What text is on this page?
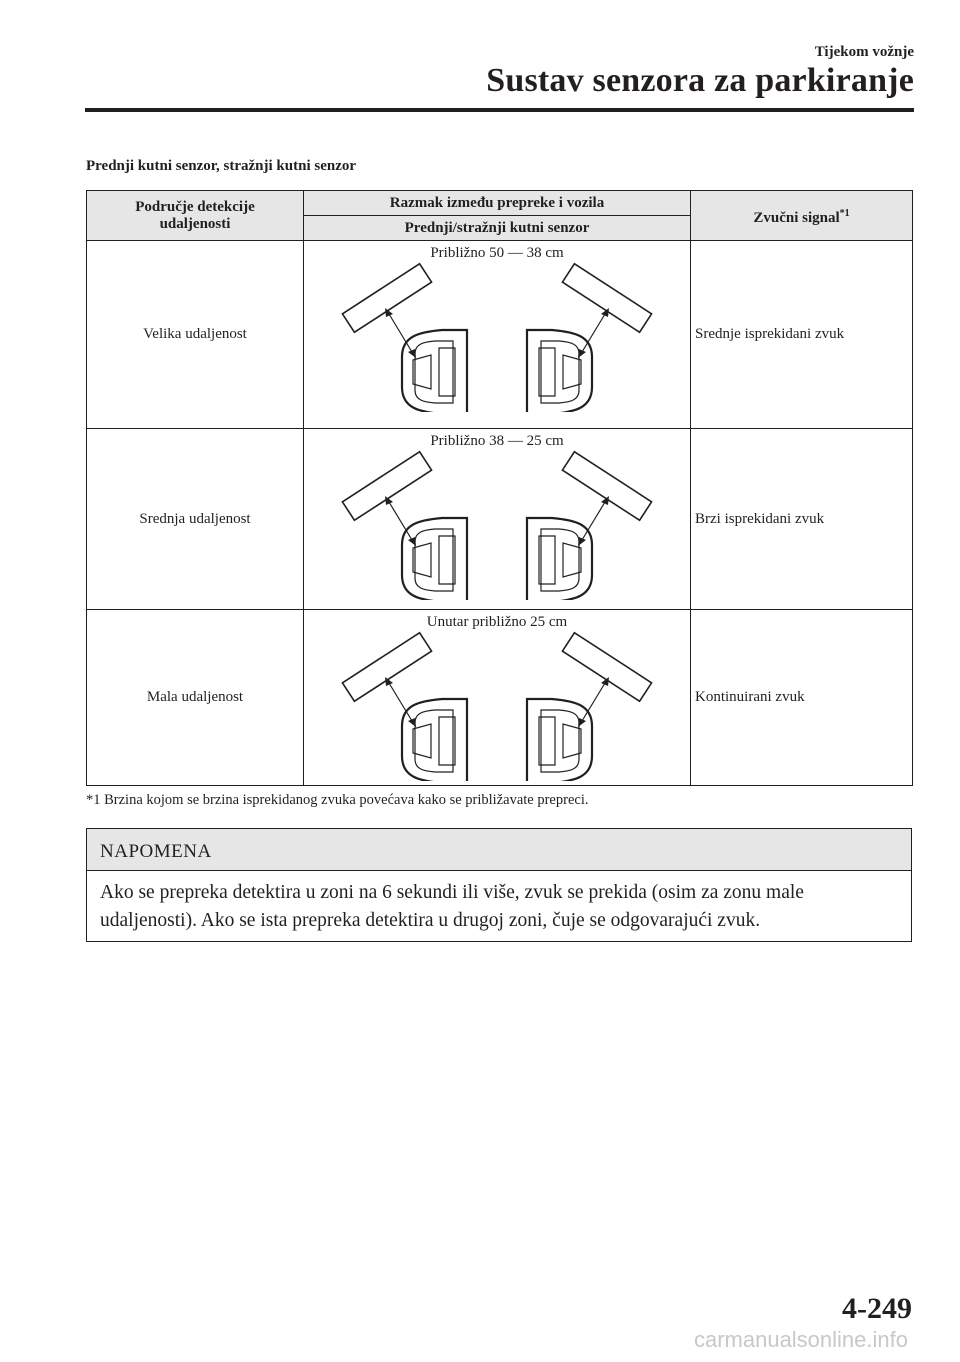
Tijekom vožnje
Sustav senzora za parkiranje
Prednji kutni senzor, stražnji kutni senzor
Područje detekcije udaljenosti	Razmak između prepreke i vozila	Zvučni signal$^{*1}$
	Prednji/stražnji kutni senzor	
Velika udaljenost	Približno 50 — 38 cm	Srednje isprekidani zvuk
Srednja udaljenost	Približno 38 — 25 cm	Brzi isprekidani zvuk
Mala udaljenost	Unutar približno 25 cm	Kontinuirani zvuk
*1 Brzina kojom se brzina isprekidanog zvuka povećava kako se približavate prepreci.
NAPOMENA
Ako se prepreka detektira u zoni na 6 sekundi ili više, zvuk se prekida (osim za zonu male udaljenosti). Ako se ista prepreka detektira u drugoj zoni, čuje se odgovarajući zvuk.
4-249
carmanualsonline.info
